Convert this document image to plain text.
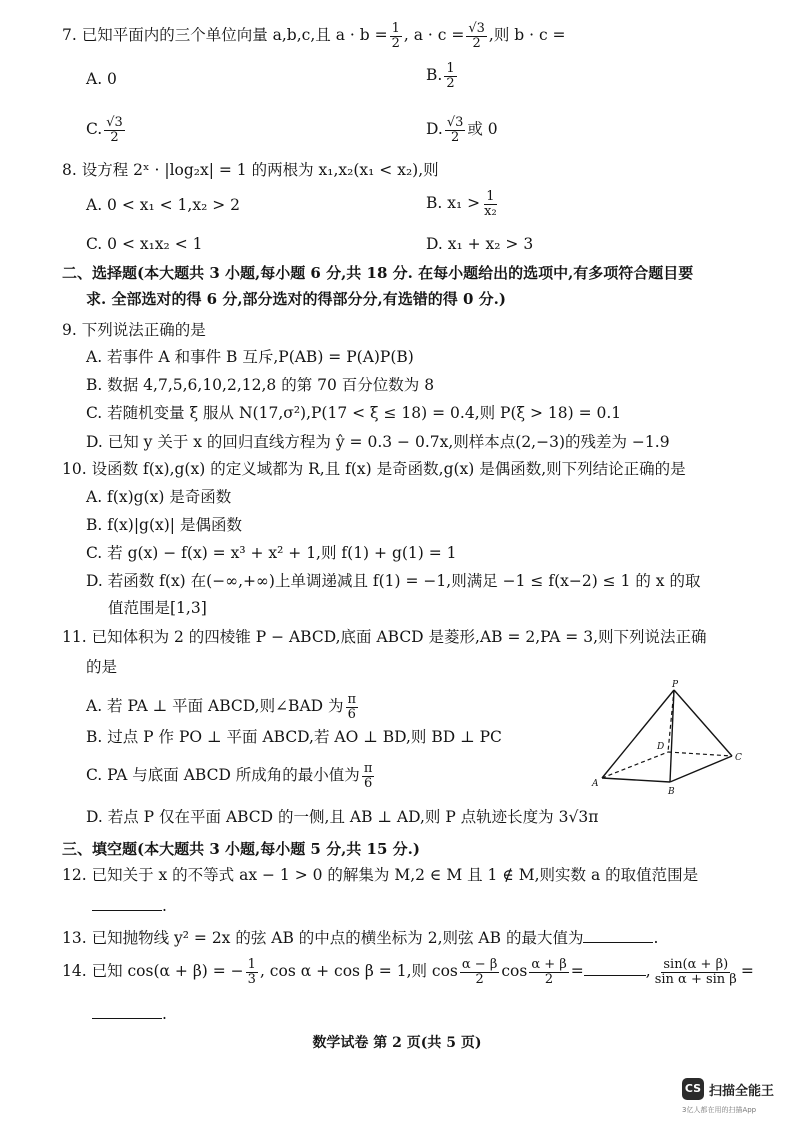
7. 已知平面内的三个单位向量 a,b,c,且 $a \cdot b = \frac{1}{2}$ , $a \cdot c = \frac{√3}{2}$ ,则 b · c =
A. 0	B. $\frac{1}{2}$
C. $\frac{√3}{2}$	D. $\frac{√3}{2}$ 或 0
8. 设方程 2ˣ · |log₂x| = 1 的两根为 x₁,x₂(x₁ < x₂),则
A. 0 < x₁ < 1,x₂ > 2	B. $x_1 > \frac{1}{\text{x₂}}$
C. 0 < x₁x₂ < 1	D. x₁ + x₂ > 3
二、选择题(本大题共 3 小题,每小题 6 分,共 18 分. 在每小题给出的选项中,有多项符合题目要
求. 全部选对的得 6 分,部分选对的得部分分,有选错的得 0 分.)
9. 下列说法正确的是
A. 若事件 A 和事件 B 互斥,P(AB) = P(A)P(B)
B. 数据 4,7,5,6,10,2,12,8 的第 70 百分位数为 8
C. 若随机变量 ξ 服从 N(17,σ²),P(17 < ξ ≤ 18) = 0.4,则 P(ξ > 18) = 0.1
D. 已知 y 关于 x 的回归直线方程为 ŷ = 0.3 − 0.7x,则样本点(2,−3)的残差为 −1.9
10. 设函数 f(x),g(x) 的定义域都为 R,且 f(x) 是奇函数,g(x) 是偶函数,则下列结论正确的是
A. f(x)g(x) 是奇函数
B. f(x)|g(x)| 是偶函数
C. 若 g(x) − f(x) = x³ + x² + 1,则 f(1) + g(1) = 1
D. 若函数 f(x) 在(−∞,+∞)上单调递减且 f(1) = −1,则满足 −1 ≤ f(x−2) ≤ 1 的 x 的取
值范围是[1,3]
11. 已知体积为 2 的四棱锥 P − ABCD,底面 ABCD 是菱形,AB = 2,PA = 3,则下列说法正确
的是
A. 若 PA ⊥ 平面 ABCD,则∠BAD 为 $\frac{\pi}{6}$
B. 过点 P 作 PO ⊥ 平面 ABCD,若 AO ⊥ BD,则 BD ⊥ PC
C. PA 与底面 ABCD 所成角的最小值为 $\frac{\pi}{6}$
D. 若点 P 仅在平面 ABCD 的一侧,且 AB ⊥ AD,则 P 点轨迹长度为 3√3π
P
A
B
C
D
三、填空题(本大题共 3 小题,每小题 5 分,共 15 分.)
12. 已知关于 x 的不等式 ax − 1 > 0 的解集为 M,2 ∈ M 且 1 ∉ M,则实数 a 的取值范围是
.
13. 已知抛物线 y² = 2x 的弦 AB 的中点的横坐标为 2,则弦 AB 的最大值为	.
14. 已知 cos(α + β) = − $\frac{1}{3}$ , cos α + cos β = 1,则 $\cos \frac{\alpha - \beta}{2}$ $\cos \frac{\alpha + \beta}{2}$ =	, $\frac{\sin(\alpha + \beta)}{\text{sin α + sin β}}$ =
.
数学试卷 第 2 页(共 5 页)
CS 扫描全能王
3亿人都在用的扫描App
